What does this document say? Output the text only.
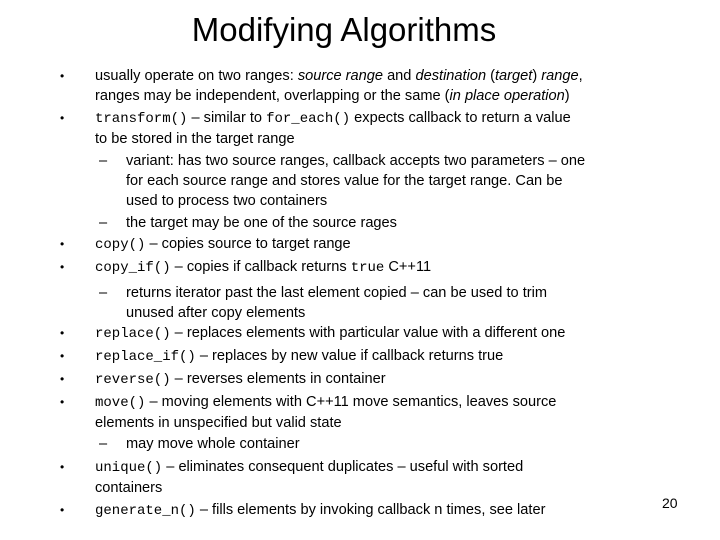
Modifying Algorithms
• usually operate on two ranges: source range and destination (target) range,

ranges may be independent, overlapping or the same (in place operation)
• transform() – similar to for_each() expects callback to return a value
to be stored in the target range
– variant: has two source ranges, callback accepts two parameters – one
for each source range and stores value for the target range. Can be
used to process two containers
– the target may be one of the source rages
• copy() – copies source to target range
• copy_if() – copies if callback returns true C++11
– returns iterator past the last element copied – can be used to trim
unused after copy elements
• replace() – replaces elements with particular value with a different one
• replace_if() – replaces by new value if callback returns true
• reverse() – reverses elements in container
• move() – moving elements with C++11 move semantics, leaves source
elements in unspecified but valid state
– may move whole container
• unique() – eliminates consequent duplicates – useful with sorted
containers
• generate_n() – fills elements by invoking callback n times, see later	20
